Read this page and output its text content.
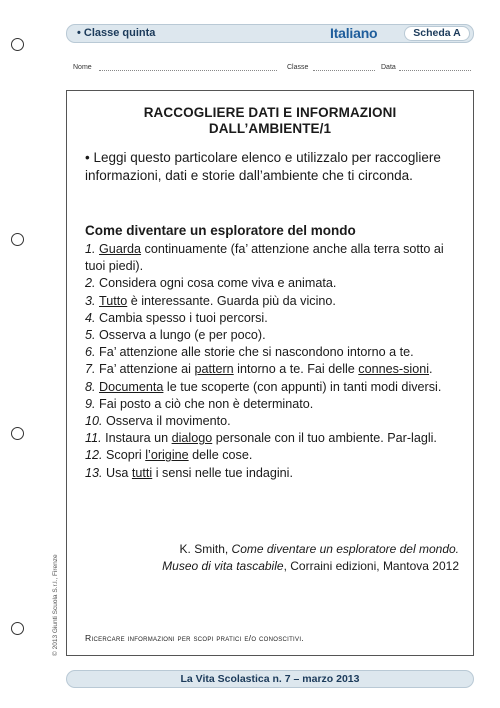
• Classe quinta	Italiano	Scheda A
Nome	Classe	Data
RACCOGLIERE DATI E INFORMAZIONI
DALL’AMBIENTE/1
• Leggi questo particolare elenco e utilizzalo per raccogliere informazioni, dati e storie dall’ambiente che ti circonda.
Come diventare un esploratore del mondo
1. Guarda continuamente (fa’ attenzione anche alla terra sotto ai tuoi piedi).
2. Considera ogni cosa come viva e animata.
3. Tutto è interessante. Guarda più da vicino.
4. Cambia spesso i tuoi percorsi.
5. Osserva a lungo (e per poco).
6. Fa’ attenzione alle storie che si nascondono intorno a te.
7. Fa’ attenzione ai pattern intorno a te. Fai delle connes-sioni.
8. Documenta le tue scoperte (con appunti) in tanti modi diversi.
9. Fai posto a ciò che non è determinato.
10. Osserva il movimento.
11. Instaura un dialogo personale con il tuo ambiente. Par-lagli.
12. Scopri l’origine delle cose.
13. Usa tutti i sensi nelle tue indagini.
K. Smith, Come diventare un esploratore del mondo.
Museo di vita tascabile, Corraini edizioni, Mantova 2012
Ricercare informazioni per scopi pratici e/o conoscitivi.
© 2013 Giunti Scuola S.r.l., Firenze
La Vita Scolastica n. 7 – marzo 2013
